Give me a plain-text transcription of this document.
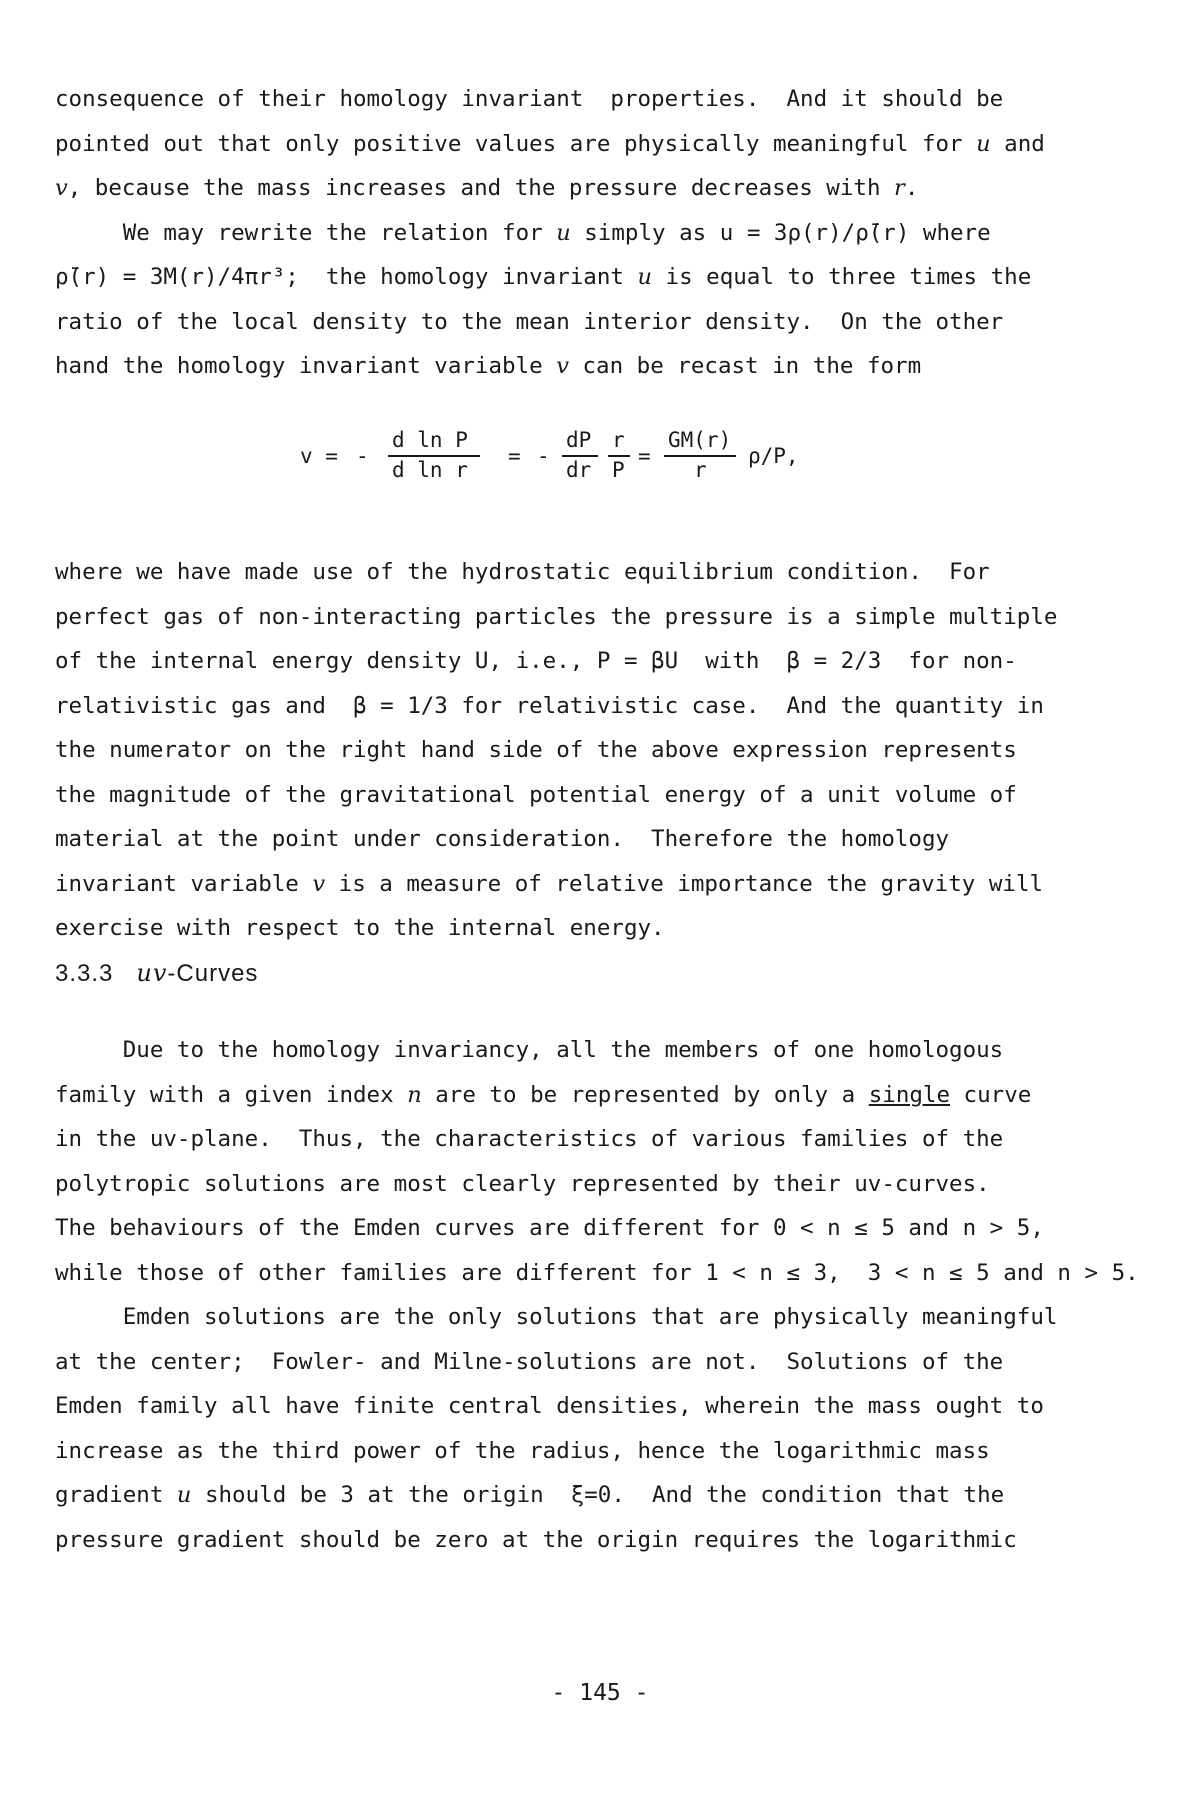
consequence of their homology invariant  properties.  And it should be
pointed out that only positive values are physically meaningful for u and
v, because the mass increases and the pressure decreases with r.
We may rewrite the relation for u simply as u = 3ρ(r)/ρ̄(r) where
ρ̄(r) = 3M(r)/4πr³;  the homology invariant u is equal to three times the
ratio of the local density to the mean interior density.  On the other
hand the homology invariant variable v can be recast in the form
v = -
d ln P
d ln r
= -
dP
dr
r
P
=
GM(r)
r
ρ/P,
where we have made use of the hydrostatic equilibrium condition.  For
perfect gas of non-interacting particles the pressure is a simple multiple
of the internal energy density U, i.e., P = βU  with  β = 2/3  for non-
relativistic gas and  β = 1/3 for relativistic case.  And the quantity in
the numerator on the right hand side of the above expression represents
the magnitude of the gravitational potential energy of a unit volume of
material at the point under consideration.  Therefore the homology
invariant variable v is a measure of relative importance the gravity will
exercise with respect to the internal energy.
3.3.3 uv-Curves
Due to the homology invariancy, all the members of one homologous
family with a given index n are to be represented by only a single curve
in the uv-plane.  Thus, the characteristics of various families of the
polytropic solutions are most clearly represented by their uv-curves.
The behaviours of the Emden curves are different for 0 < n ≤ 5 and n > 5,
while those of other families are different for 1 < n ≤ 3,  3 < n ≤ 5 and n > 5.
Emden solutions are the only solutions that are physically meaningful
at the center;  Fowler- and Milne-solutions are not.  Solutions of the
Emden family all have finite central densities, wherein the mass ought to
increase as the third power of the radius, hence the logarithmic mass
gradient u should be 3 at the origin  ξ=0.  And the condition that the
pressure gradient should be zero at the origin requires the logarithmic
- 145 -
